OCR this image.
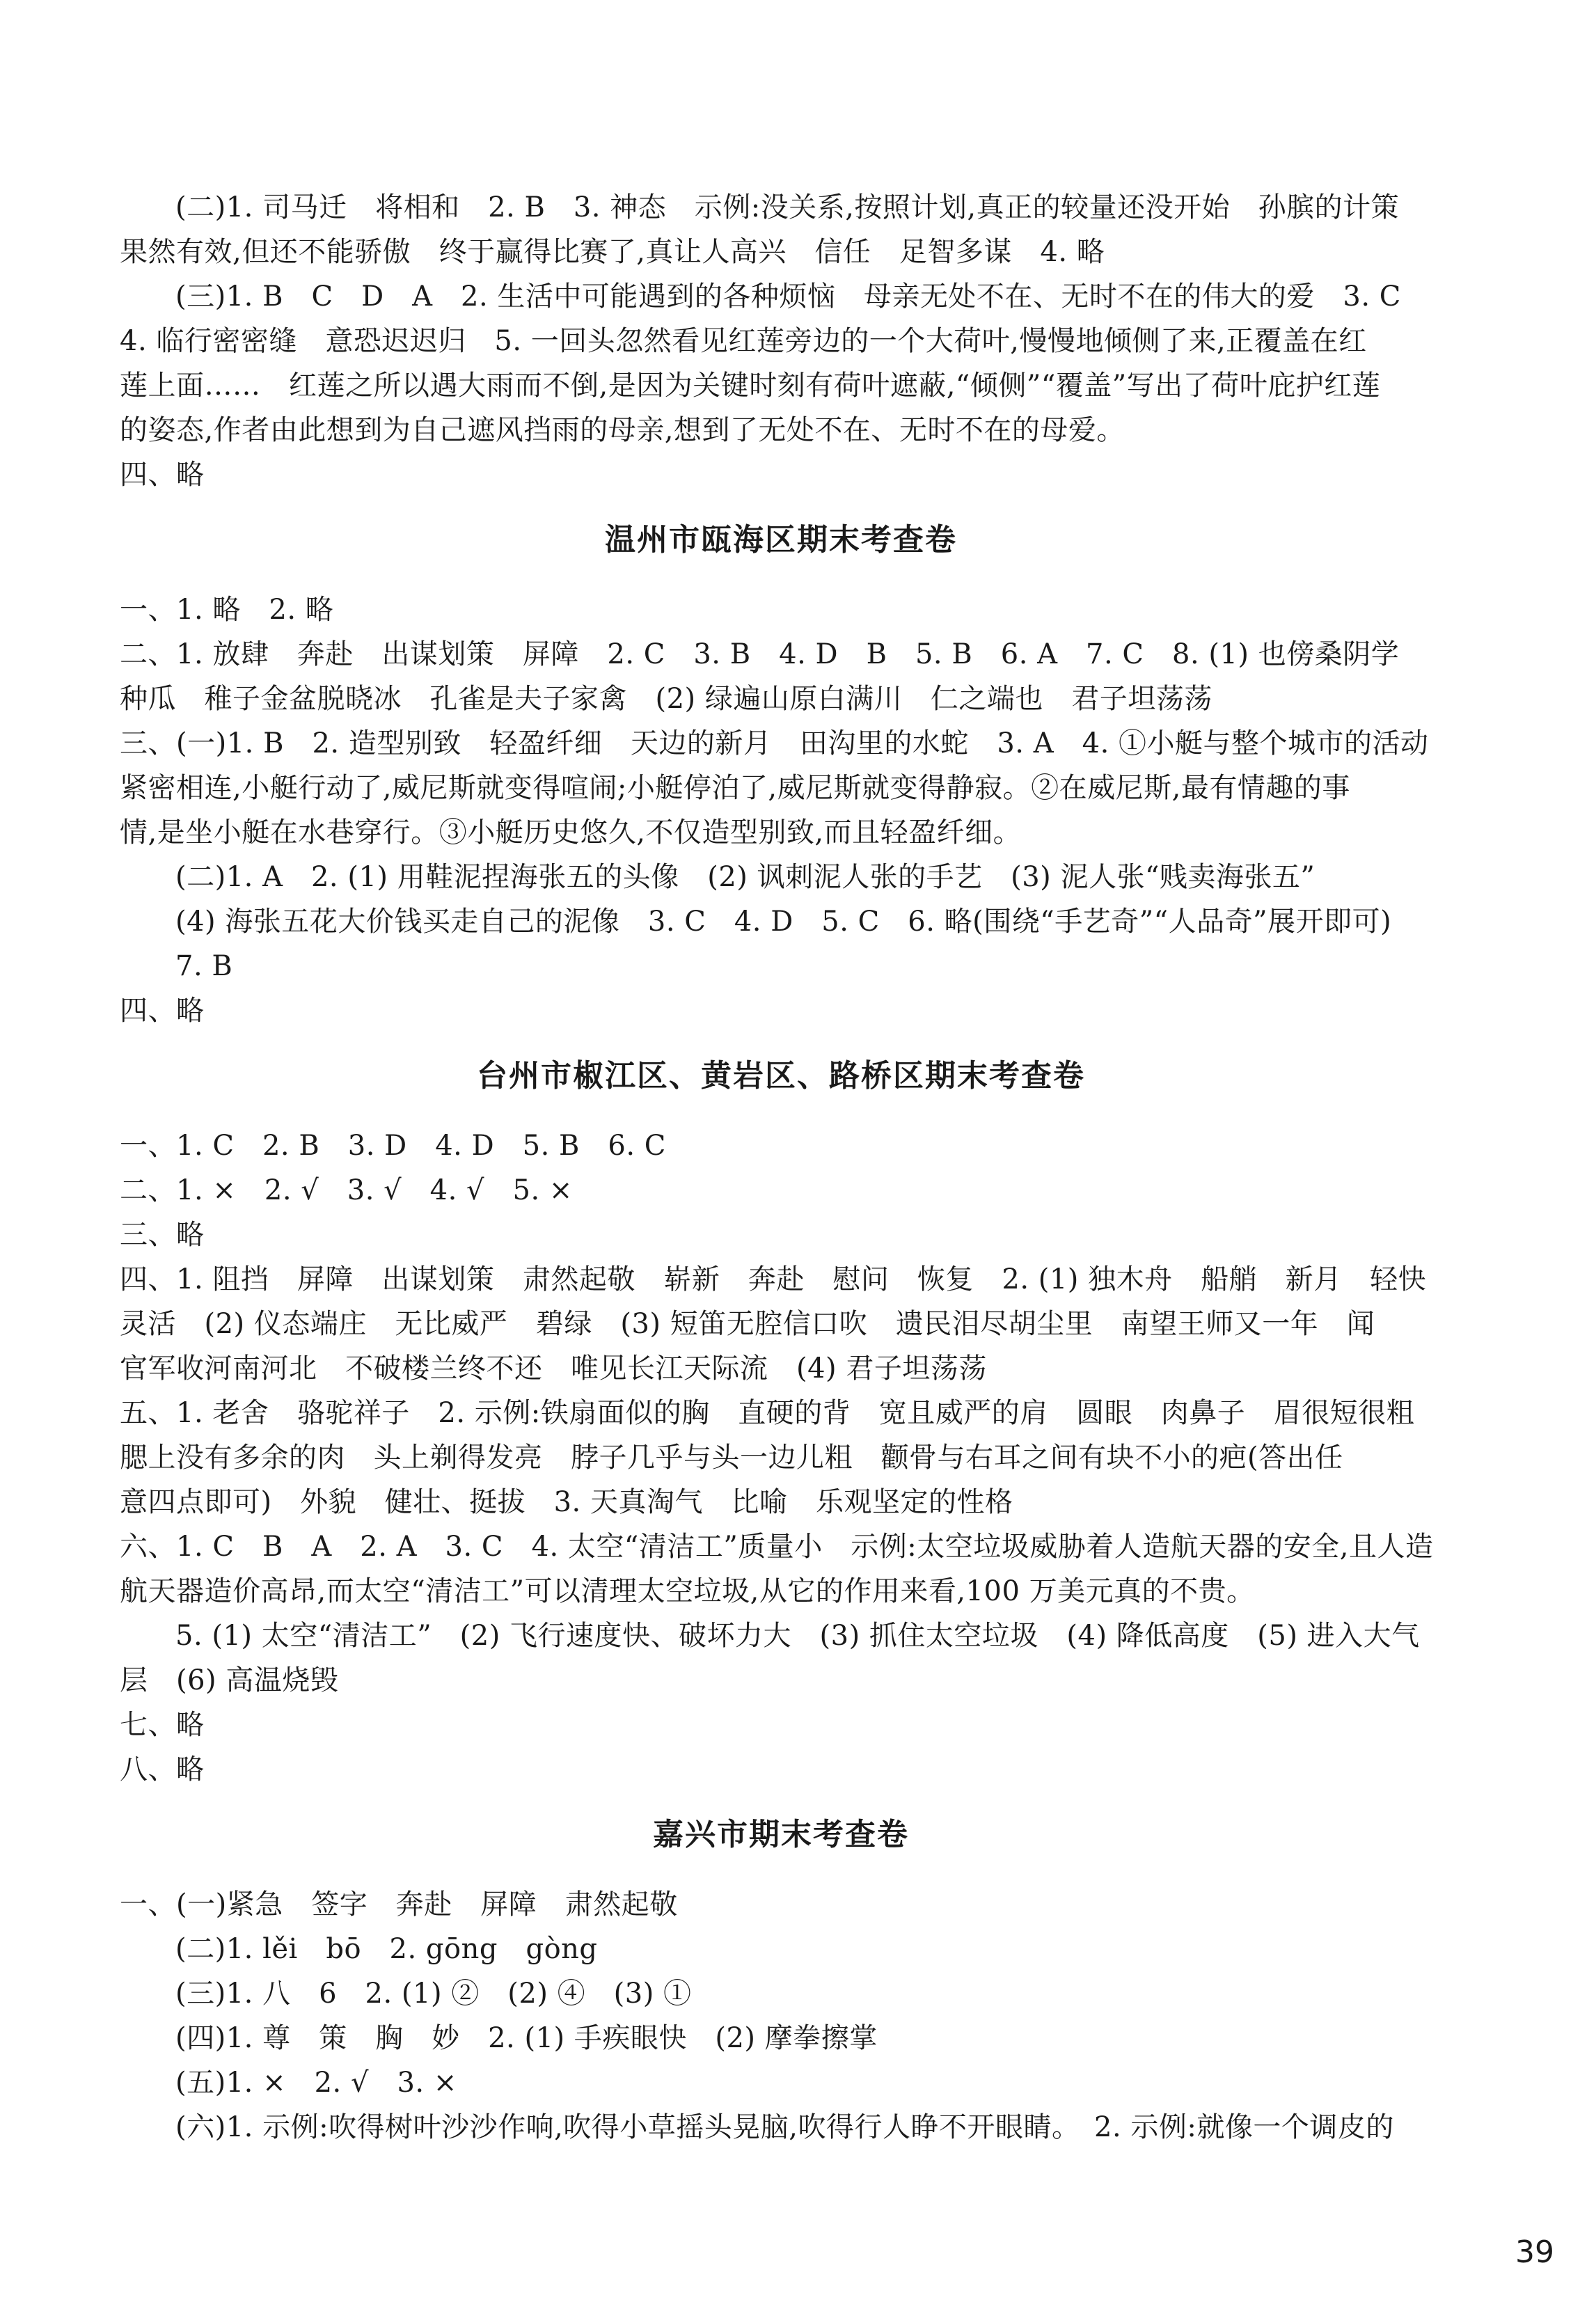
(二)1. 司马迁　将相和　2. B　3. 神态　示例:没关系,按照计划,真正的较量还没开始　孙膑的计策
果然有效,但还不能骄傲　终于赢得比赛了,真让人高兴　信任　足智多谋　4. 略
(三)1. B　C　D　A　2. 生活中可能遇到的各种烦恼　母亲无处不在、无时不在的伟大的爱　3. C
4. 临行密密缝　意恐迟迟归　5. 一回头忽然看见红莲旁边的一个大荷叶,慢慢地倾侧了来,正覆盖在红
莲上面……　红莲之所以遇大雨而不倒,是因为关键时刻有荷叶遮蔽,“倾侧”“覆盖”写出了荷叶庇护红莲
的姿态,作者由此想到为自己遮风挡雨的母亲,想到了无处不在、无时不在的母爱。
四、略
温州市瓯海区期末考查卷
一、1. 略　2. 略
二、1. 放肆　奔赴　出谋划策　屏障　2. C　3. B　4. D　B　5. B　6. A　7. C　8. (1) 也傍桑阴学
种瓜　稚子金盆脱晓冰　孔雀是夫子家禽　(2) 绿遍山原白满川　仁之端也　君子坦荡荡
三、(一)1. B　2. 造型别致　轻盈纤细　天边的新月　田沟里的水蛇　3. A　4. ①小艇与整个城市的活动
紧密相连,小艇行动了,威尼斯就变得喧闹;小艇停泊了,威尼斯就变得静寂。②在威尼斯,最有情趣的事
情,是坐小艇在水巷穿行。③小艇历史悠久,不仅造型别致,而且轻盈纤细。
(二)1. A　2. (1) 用鞋泥捏海张五的头像　(2) 讽刺泥人张的手艺　(3) 泥人张“贱卖海张五”
(4) 海张五花大价钱买走自己的泥像　3. C　4. D　5. C　6. 略(围绕“手艺奇”“人品奇”展开即可)
7. B
四、略
台州市椒江区、黄岩区、路桥区期末考查卷
一、1. C　2. B　3. D　4. D　5. B　6. C
二、1. ×　2. √　3. √　4. √　5. ×
三、略
四、1. 阻挡　屏障　出谋划策　肃然起敬　崭新　奔赴　慰问　恢复　2. (1) 独木舟　船艄　新月　轻快
灵活　(2) 仪态端庄　无比威严　碧绿　(3) 短笛无腔信口吹　遗民泪尽胡尘里　南望王师又一年　闻
官军收河南河北　不破楼兰终不还　唯见长江天际流　(4) 君子坦荡荡
五、1. 老舍　骆驼祥子　2. 示例:铁扇面似的胸　直硬的背　宽且威严的肩　圆眼　肉鼻子　眉很短很粗
腮上没有多余的肉　头上剃得发亮　脖子几乎与头一边儿粗　颧骨与右耳之间有块不小的疤(答出任
意四点即可)　外貌　健壮、挺拔　3. 天真淘气　比喻　乐观坚定的性格
六、1. C　B　A　2. A　3. C　4. 太空“清洁工”质量小　示例:太空垃圾威胁着人造航天器的安全,且人造
航天器造价高昂,而太空“清洁工”可以清理太空垃圾,从它的作用来看,100 万美元真的不贵。
5. (1) 太空“清洁工”　(2) 飞行速度快、破坏力大　(3) 抓住太空垃圾　(4) 降低高度　(5) 进入大气
层　(6) 高温烧毁
七、略
八、略
嘉兴市期末考查卷
一、(一)紧急　签字　奔赴　屏障　肃然起敬
(二)1. lěi　bō　2. gōng　gòng
(三)1. 八　6　2. (1) ②　(2) ④　(3) ①
(四)1. 尊　策　胸　妙　2. (1) 手疾眼快　(2) 摩拳擦掌
(五)1. ×　2. √　3. ×
(六)1. 示例:吹得树叶沙沙作响,吹得小草摇头晃脑,吹得行人睁不开眼睛。　2. 示例:就像一个调皮的
39
